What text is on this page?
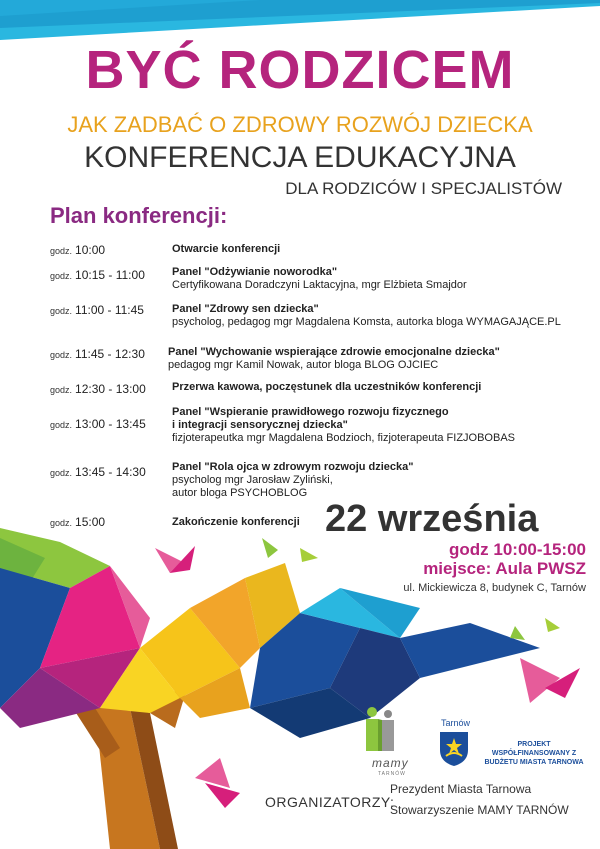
BYĆ RODZICEM
JAK ZADBAĆ O ZDROWY ROZWÓJ DZIECKA
KONFERENCJA EDUKACYJNA
DLA RODZICÓW I SPECJALISTÓW
Plan konferencji:
godz. 10:00	Otwarcie konferencji
godz. 10:15 - 11:00 Panel "Odżywianie noworodka"
Certyfikowana Doradczyni Laktacyjna, mgr Elżbieta Smajdor
godz. 11:00 - 11:45	Panel "Zdrowy sen dziecka"
psycholog, pedagog mgr Magdalena Komsta, autorka bloga WYMAGAJĄCE.PL
godz. 11:45 - 12:30 Panel "Wychowanie wspierające zdrowie emocjonalne dziecka"
pedagog mgr Kamil Nowak, autor bloga BLOG OJCIEC
godz. 12:30 - 13:00 Przerwa kawowa, poczęstunek dla uczestników konferencji
godz. 13:00 - 13:45
Panel "Wspieranie prawidłowego rozwoju fizycznego
i integracji sensorycznej dziecka"
fizjoterapeutka mgr Magdalena Bodzioch, fizjoterapeuta FIZJOBOBAS
godz. 13:45 - 14:30 Panel "Rola ojca w zdrowym rozwoju dziecka"
psycholog mgr Jarosław Zyliński,
autor bloga PSYCHOBLOG
godz. 15:00	Zakończenie konferencji 22 września
godz 10:00-15:00
miejsce: Aula PWSZ
ul. Mickiewicza 8, budynek C, Tarnów
mamy
TARNÓW
Tarnów
PROJEKT WSPÓŁFINANSOWANY Z BUDŻETU MIASTA TARNOWA
ORGANIZATORZY:
Prezydent Miasta Tarnowa
Stowarzyszenie MAMY TARNÓW
